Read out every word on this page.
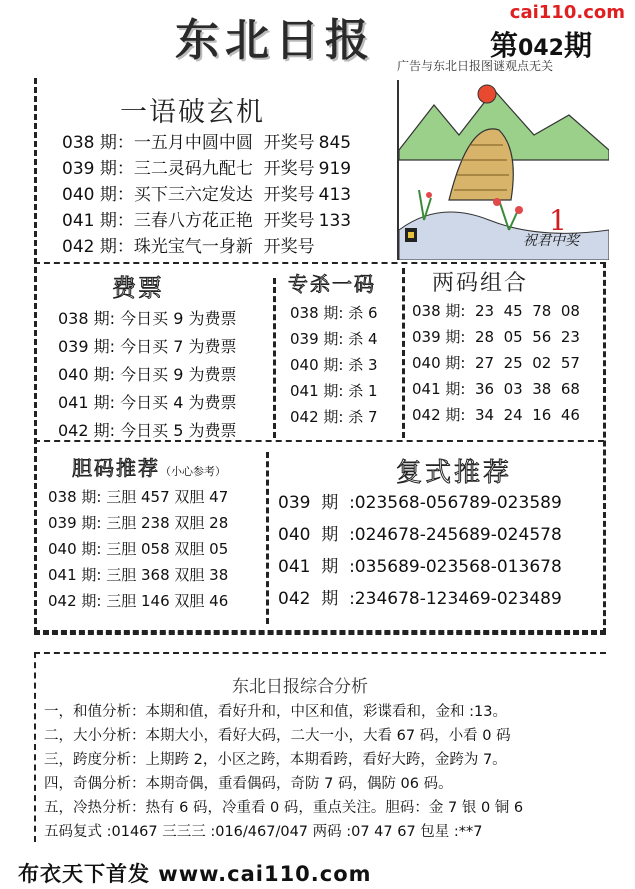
东北日报
cai110.com
第042期
广告与东北日报图谜观点无关
1
祝君中奖
一语破玄机
038 期：一五月中圆中圆 开奖号 845
039 期：三二灵码九配七 开奖号 919
040 期：买下三六定发达 开奖号 413
041 期：三春八方花正艳 开奖号 133
042 期：珠光宝气一身新 开奖号
费票
038 期: 今日买 9 为费票
039 期: 今日买 7 为费票
040 期: 今日买 9 为费票
041 期: 今日买 4 为费票
042 期: 今日买 5 为费票
专杀一码
038 期: 杀 6
039 期: 杀 4
040 期: 杀 3
041 期: 杀 1
042 期: 杀 7
两码组合
038 期: 23  45  78  08
039 期: 28  05  56  23
040 期: 27  25  02  57
041 期: 36  03  38  68
042 期: 34  24  16  46
胆码推荐（小心参考）
038 期: 三胆 457 双胆 47
039 期: 三胆 238 双胆 28
040 期: 三胆 058 双胆 05
041 期: 三胆 368 双胆 38
042 期: 三胆 146 双胆 46
复式推荐
039  期 :023568-056789-023589
040  期 :024678-245689-024578
041  期 :035689-023568-013678
042  期 :234678-123469-023489
东北日报综合分析
一，和值分析：本期和值，看好升和，中区和值，彩谍看和，金和 :13。
二，大小分析：本期大小，看好大码，二大一小，大看 67 码，小看 0 码
三，跨度分析：上期跨 2，小区之跨，本期看跨，看好大跨，金跨为 7。
四，奇偶分析：本期奇偶，重看偶码，奇防 7 码，偶防 06 码。
五，冷热分析：热有 6 码，冷重看 0 码，重点关注。胆码：金 7 银 0 铜 6
五码复式 :01467 三三三 :016/467/047 两码 :07 47 67 包星 :**7
布衣天下首发 www.cai110.com
